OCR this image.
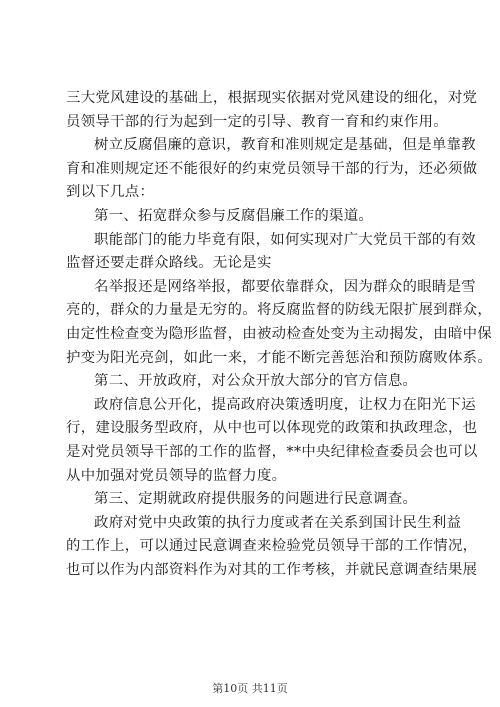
三大党风建设的基础上，根据现实依据对党风建设的细化，对党
员领导干部的行为起到一定的引导、教育一育和约束作用。
树立反腐倡廉的意识，教育和准则规定是基础，但是单靠教
育和准则规定还不能很好的约束党员领导干部的行为，还必须做
到以下几点：
第一、拓宽群众参与反腐倡廉工作的渠道。
职能部门的能力毕竟有限，如何实现对广大党员干部的有效
监督还要走群众路线。无论是实
名举报还是网络举报，都要依靠群众，因为群众的眼睛是雪
亮的，群众的力量是无穷的。将反腐监督的防线无限扩展到群众，
由定性检查变为隐形监督，由被动检查处变为主动揭发，由暗中保
护变为阳光亮剑，如此一来，才能不断完善惩治和预防腐败体系。
第二、开放政府，对公众开放大部分的官方信息。
政府信息公开化，提高政府决策透明度，让权力在阳光下运
行，建设服务型政府，从中也可以体现党的政策和执政理念，也
是对党员领导干部的工作的监督，**中央纪律检查委员会也可以
从中加强对党员领导的监督力度。
第三、定期就政府提供服务的问题进行民意调查。
政府对党中央政策的执行力度或者在关系到国计民生利益
的工作上，可以通过民意调查来检验党员领导干部的工作情况，
也可以作为内部资料作为对其的工作考核，并就民意调查结果展
第10页 共11页
